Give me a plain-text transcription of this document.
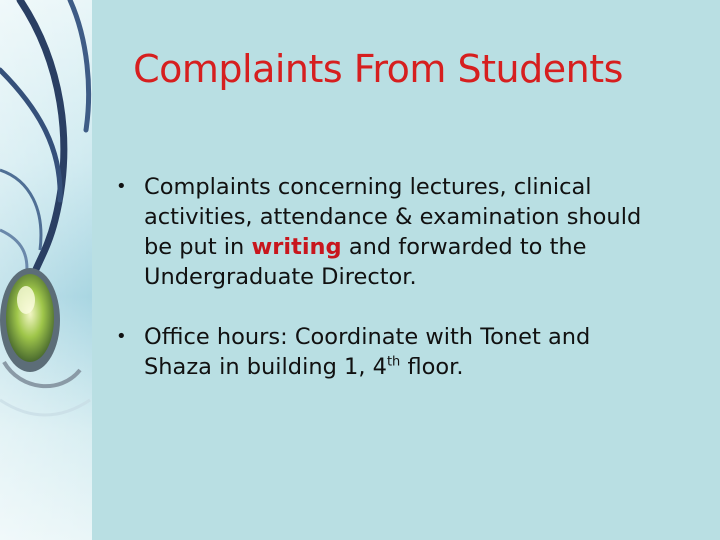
Complaints From Students
• Complaints concerning lectures, clinical activities, attendance & examination should be put in writing and forwarded to the Undergraduate Director.
• Office hours: Coordinate with Tonet and Shaza in building 1, 4th floor.
